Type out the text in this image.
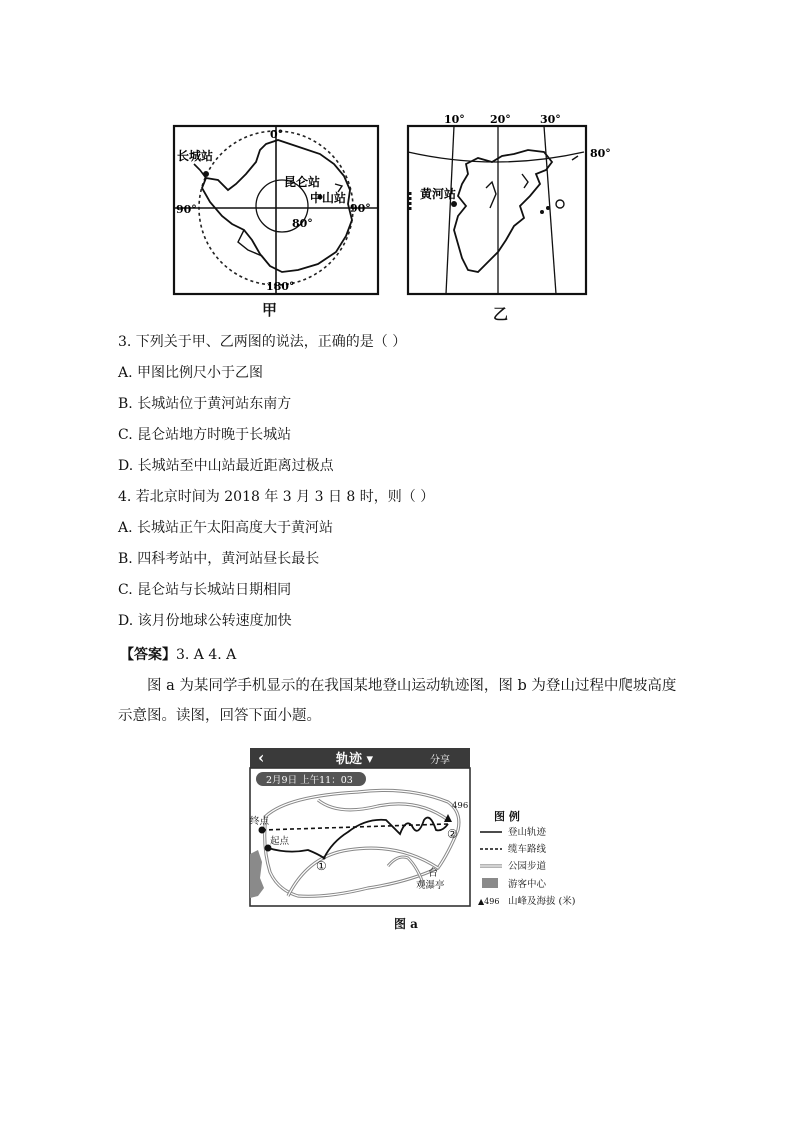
长城站
昆仑站
中山站
0°
90°	90°
80°
180°
甲
10° 20°	30°
80°
黄河站
乙
3. 下列关于甲、乙两图的说法，正确的是（ ）
A. 甲图比例尺小于乙图
B. 长城站位于黄河站东南方
C. 昆仑站地方时晚于长城站
D. 长城站至中山站最近距离过极点
4. 若北京时间为 2018 年 3 月 3 日 8 时，则（ ）
A. 长城站正午太阳高度大于黄河站
B. 四科考站中，黄河站昼长最长
C. 昆仑站与长城站日期相同
D. 该月份地球公转速度加快
【答案】3. A 4. A
图 a 为某同学手机显示的在我国某地登山运动轨迹图，图 b 为登山过程中爬坡高度示意图。读图，回答下面小题。
‹	轨迹 ▾	分享
2月9日 上午11：03
496
终点
起点
①
②
台
观瀑亭
图 例
登山轨迹
缆车路线
公园步道
游客中心
▲496 山峰及海拔 (米)
图 a
